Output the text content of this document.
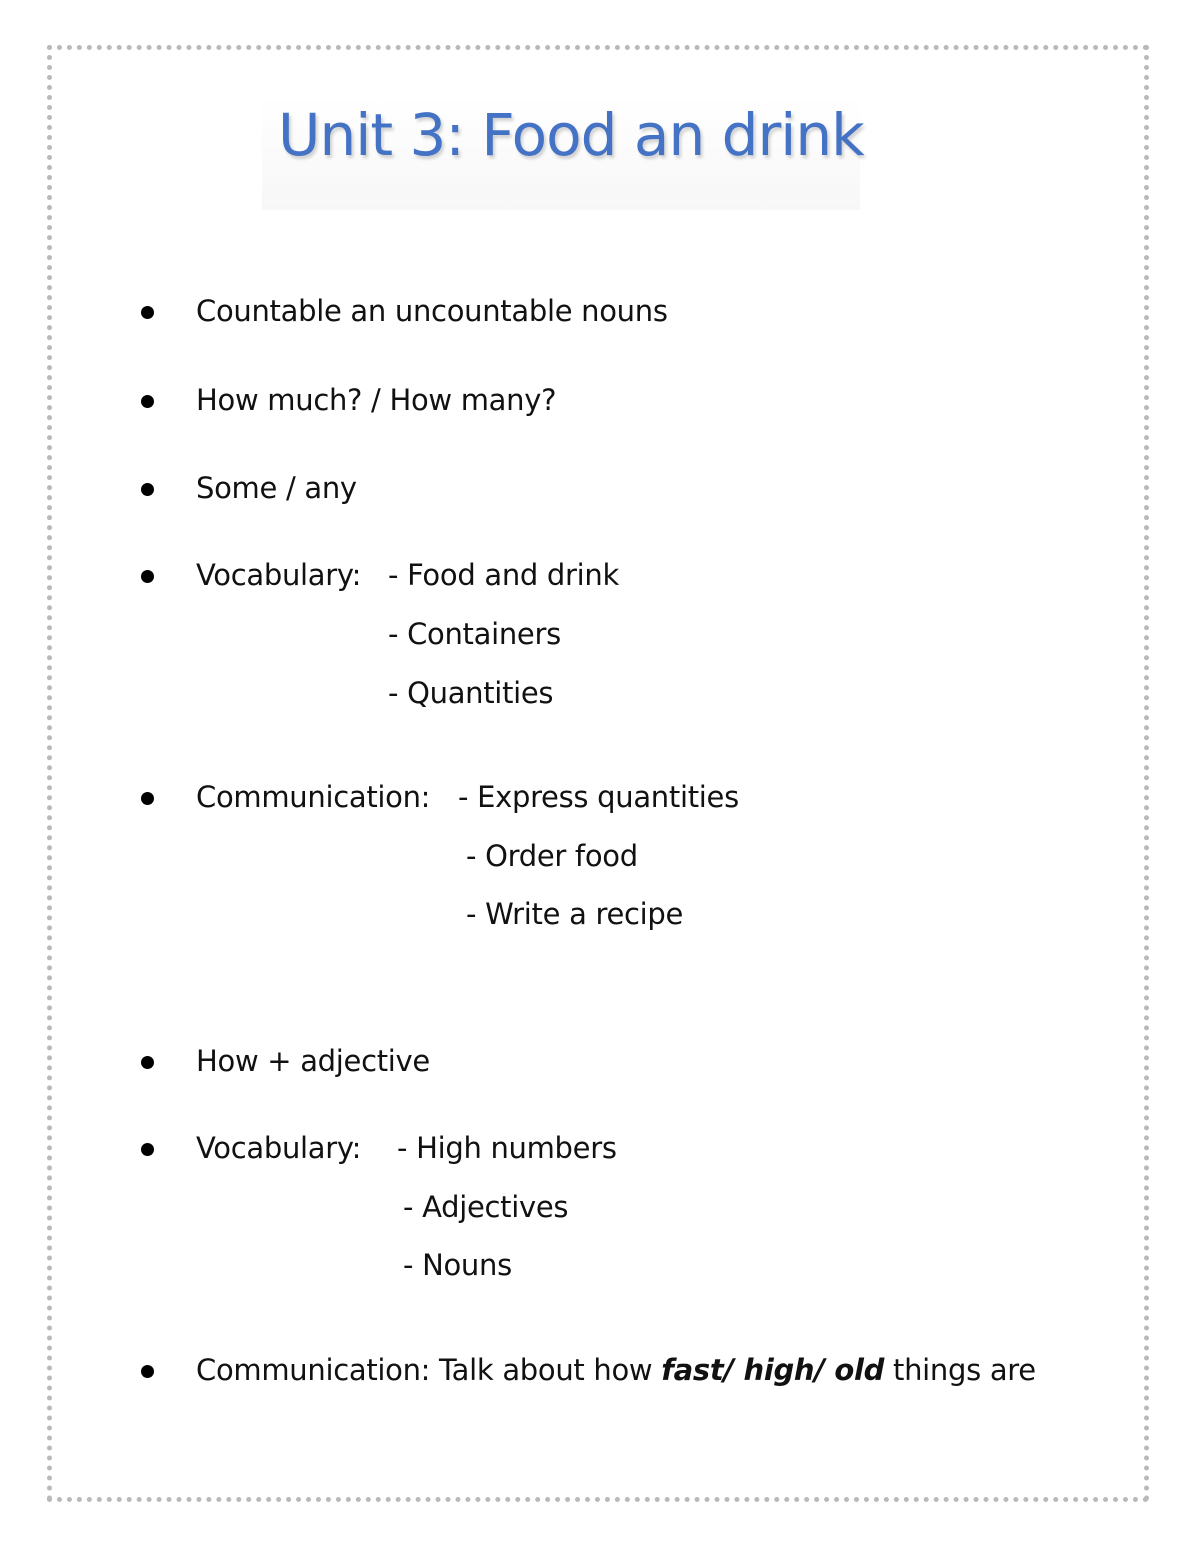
Unit 3: Food an drink
Countable an uncountable nouns
How much? / How many?
Some / any
Vocabulary: - Food and drink
- Containers
- Quantities
Communication: - Express quantities
- Order food
- Write a recipe
How + adjective
Vocabulary: - High numbers
- Adjectives
- Nouns
Communication: Talk about how fast/ high/ old things are
